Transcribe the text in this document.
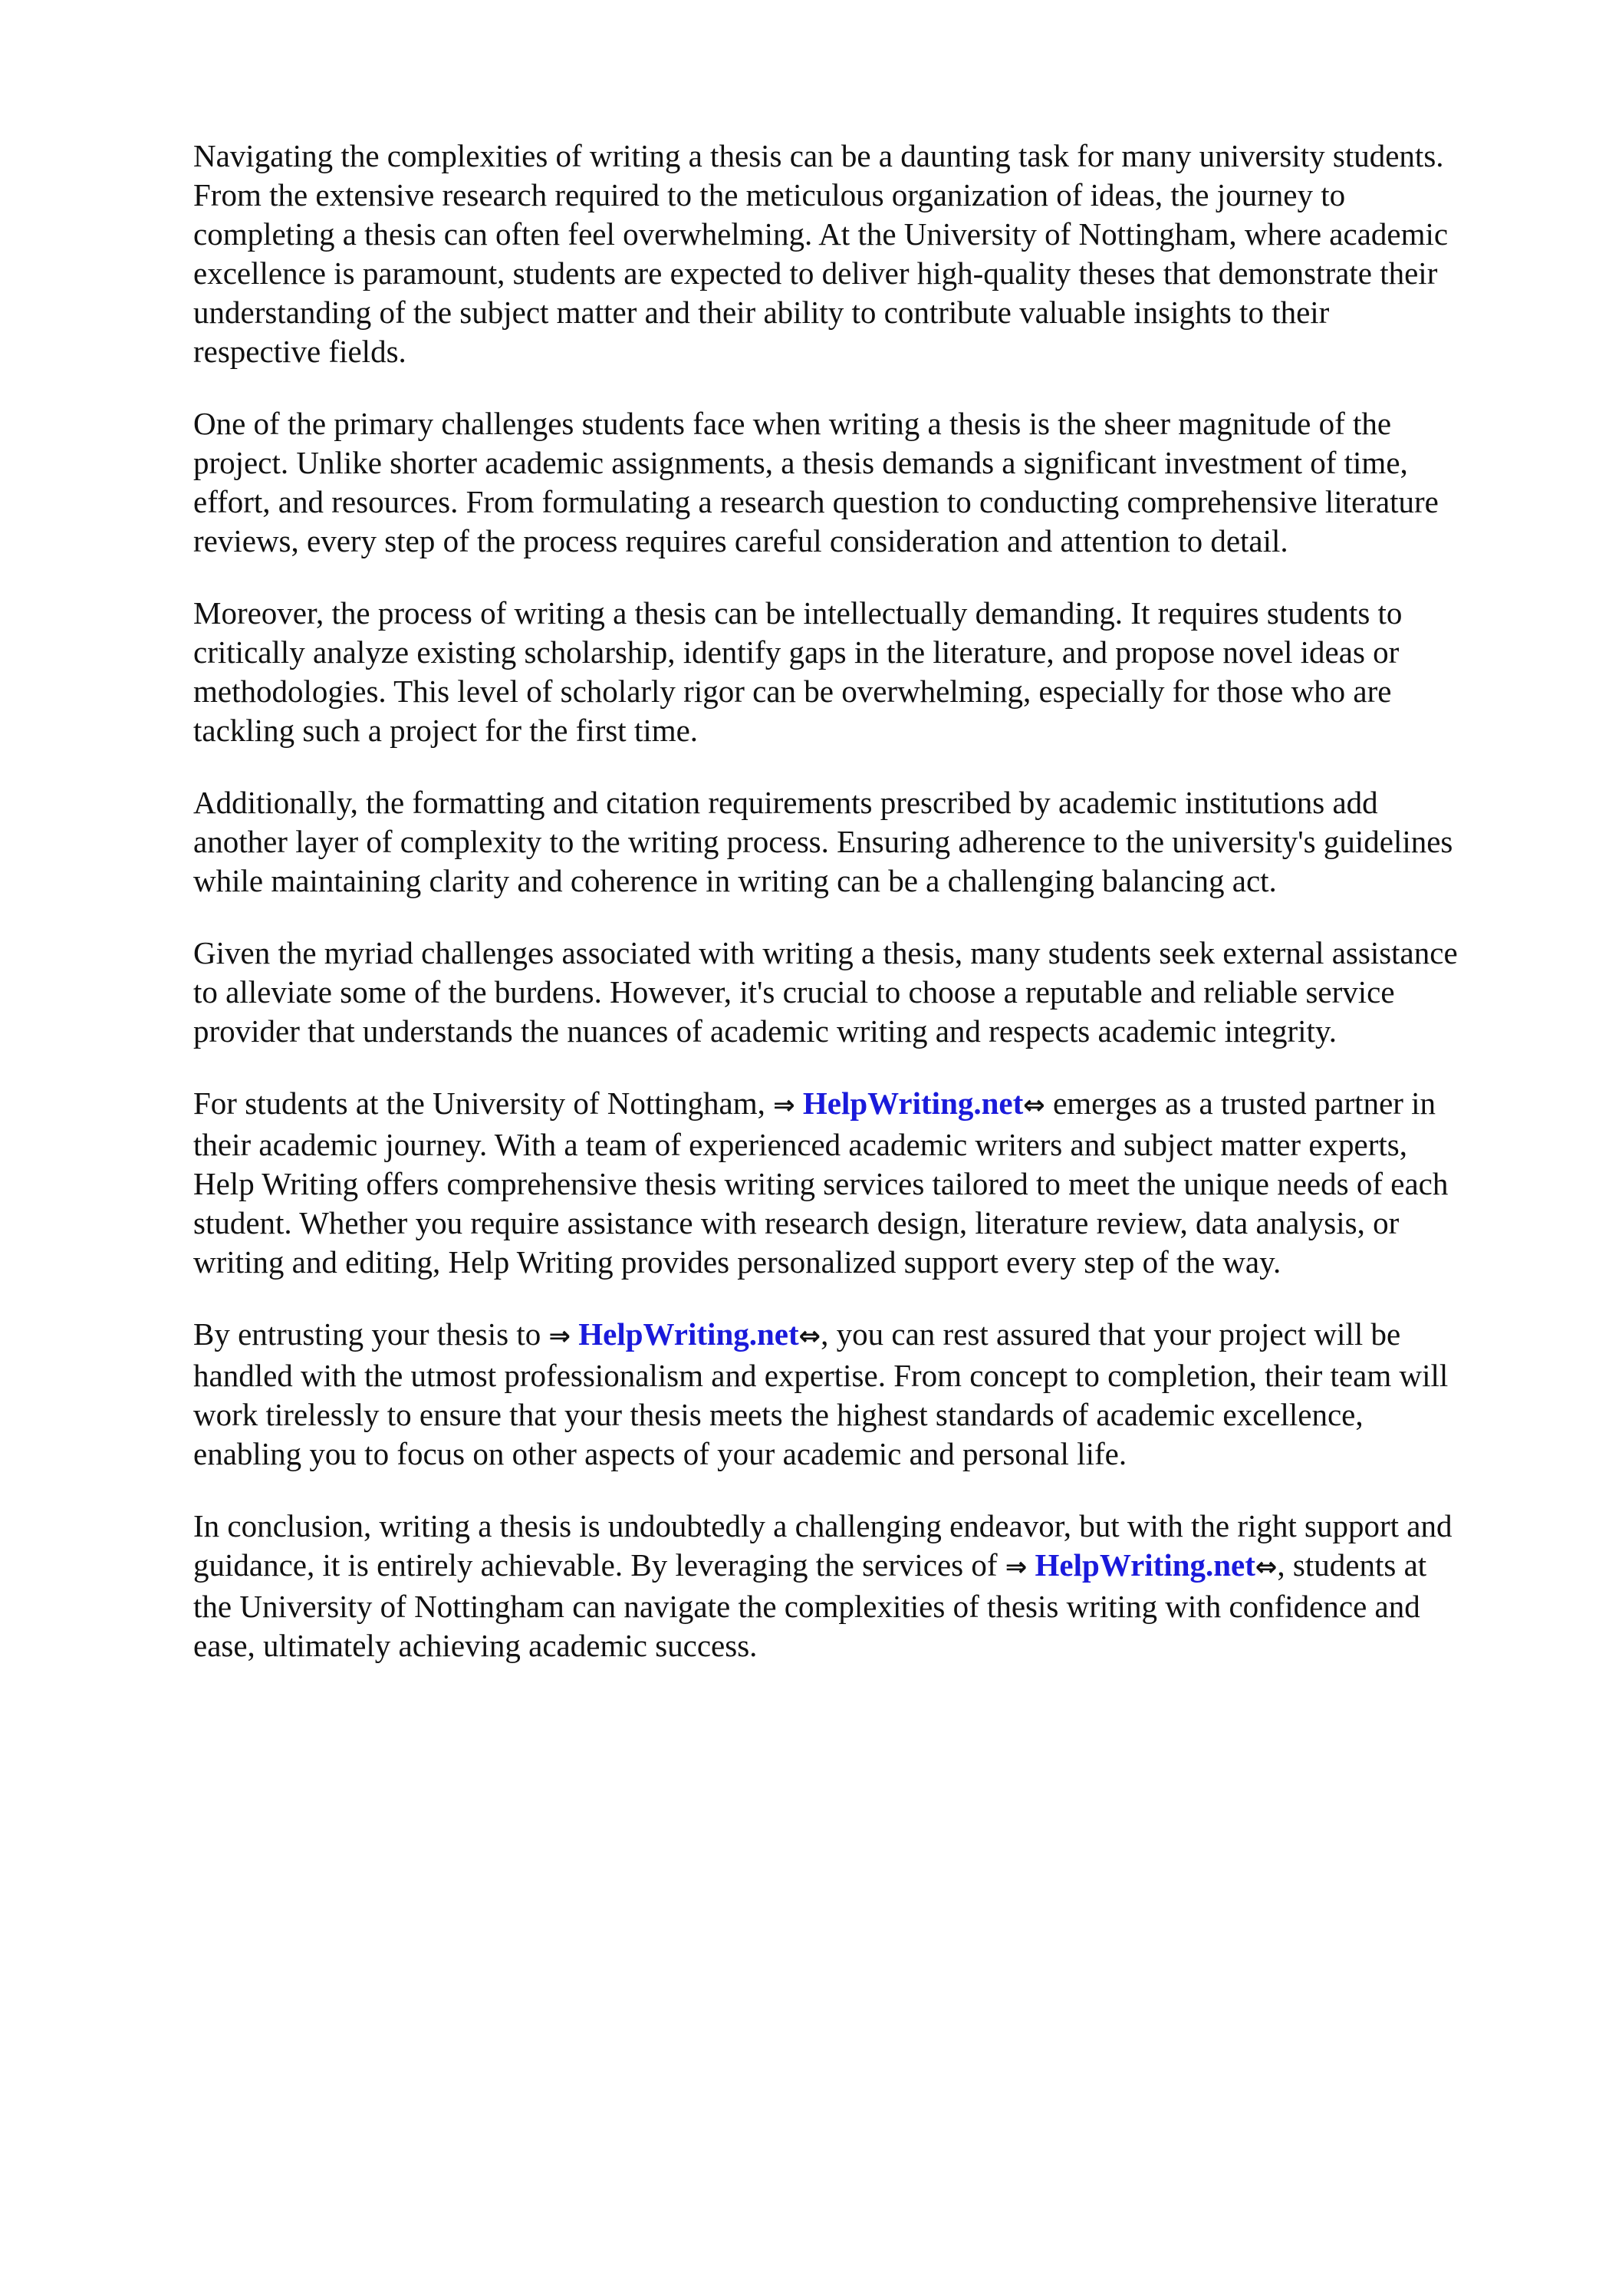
Navigating the complexities of writing a thesis can be a daunting task for many university students.
From the extensive research required to the meticulous organization of ideas, the journey to
completing a thesis can often feel overwhelming. At the University of Nottingham, where academic
excellence is paramount, students are expected to deliver high-quality theses that demonstrate their
understanding of the subject matter and their ability to contribute valuable insights to their
respective fields.

One of the primary challenges students face when writing a thesis is the sheer magnitude of the
project. Unlike shorter academic assignments, a thesis demands a significant investment of time,
effort, and resources. From formulating a research question to conducting comprehensive literature
reviews, every step of the process requires careful consideration and attention to detail.

Moreover, the process of writing a thesis can be intellectually demanding. It requires students to
critically analyze existing scholarship, identify gaps in the literature, and propose novel ideas or
methodologies. This level of scholarly rigor can be overwhelming, especially for those who are
tackling such a project for the first time.

Additionally, the formatting and citation requirements prescribed by academic institutions add
another layer of complexity to the writing process. Ensuring adherence to the university's guidelines
while maintaining clarity and coherence in writing can be a challenging balancing act.

Given the myriad challenges associated with writing a thesis, many students seek external assistance
to alleviate some of the burdens. However, it's crucial to choose a reputable and reliable service
provider that understands the nuances of academic writing and respects academic integrity.

For students at the University of Nottingham, ⇒ HelpWriting.net⇔ emerges as a trusted partner in
their academic journey. With a team of experienced academic writers and subject matter experts,
Help Writing offers comprehensive thesis writing services tailored to meet the unique needs of each
student. Whether you require assistance with research design, literature review, data analysis, or
writing and editing, Help Writing provides personalized support every step of the way.

By entrusting your thesis to ⇒ HelpWriting.net⇔, you can rest assured that your project will be
handled with the utmost professionalism and expertise. From concept to completion, their team will
work tirelessly to ensure that your thesis meets the highest standards of academic excellence,
enabling you to focus on other aspects of your academic and personal life.

In conclusion, writing a thesis is undoubtedly a challenging endeavor, but with the right support and
guidance, it is entirely achievable. By leveraging the services of ⇒ HelpWriting.net⇔, students at
the University of Nottingham can navigate the complexities of thesis writing with confidence and
ease, ultimately achieving academic success.
